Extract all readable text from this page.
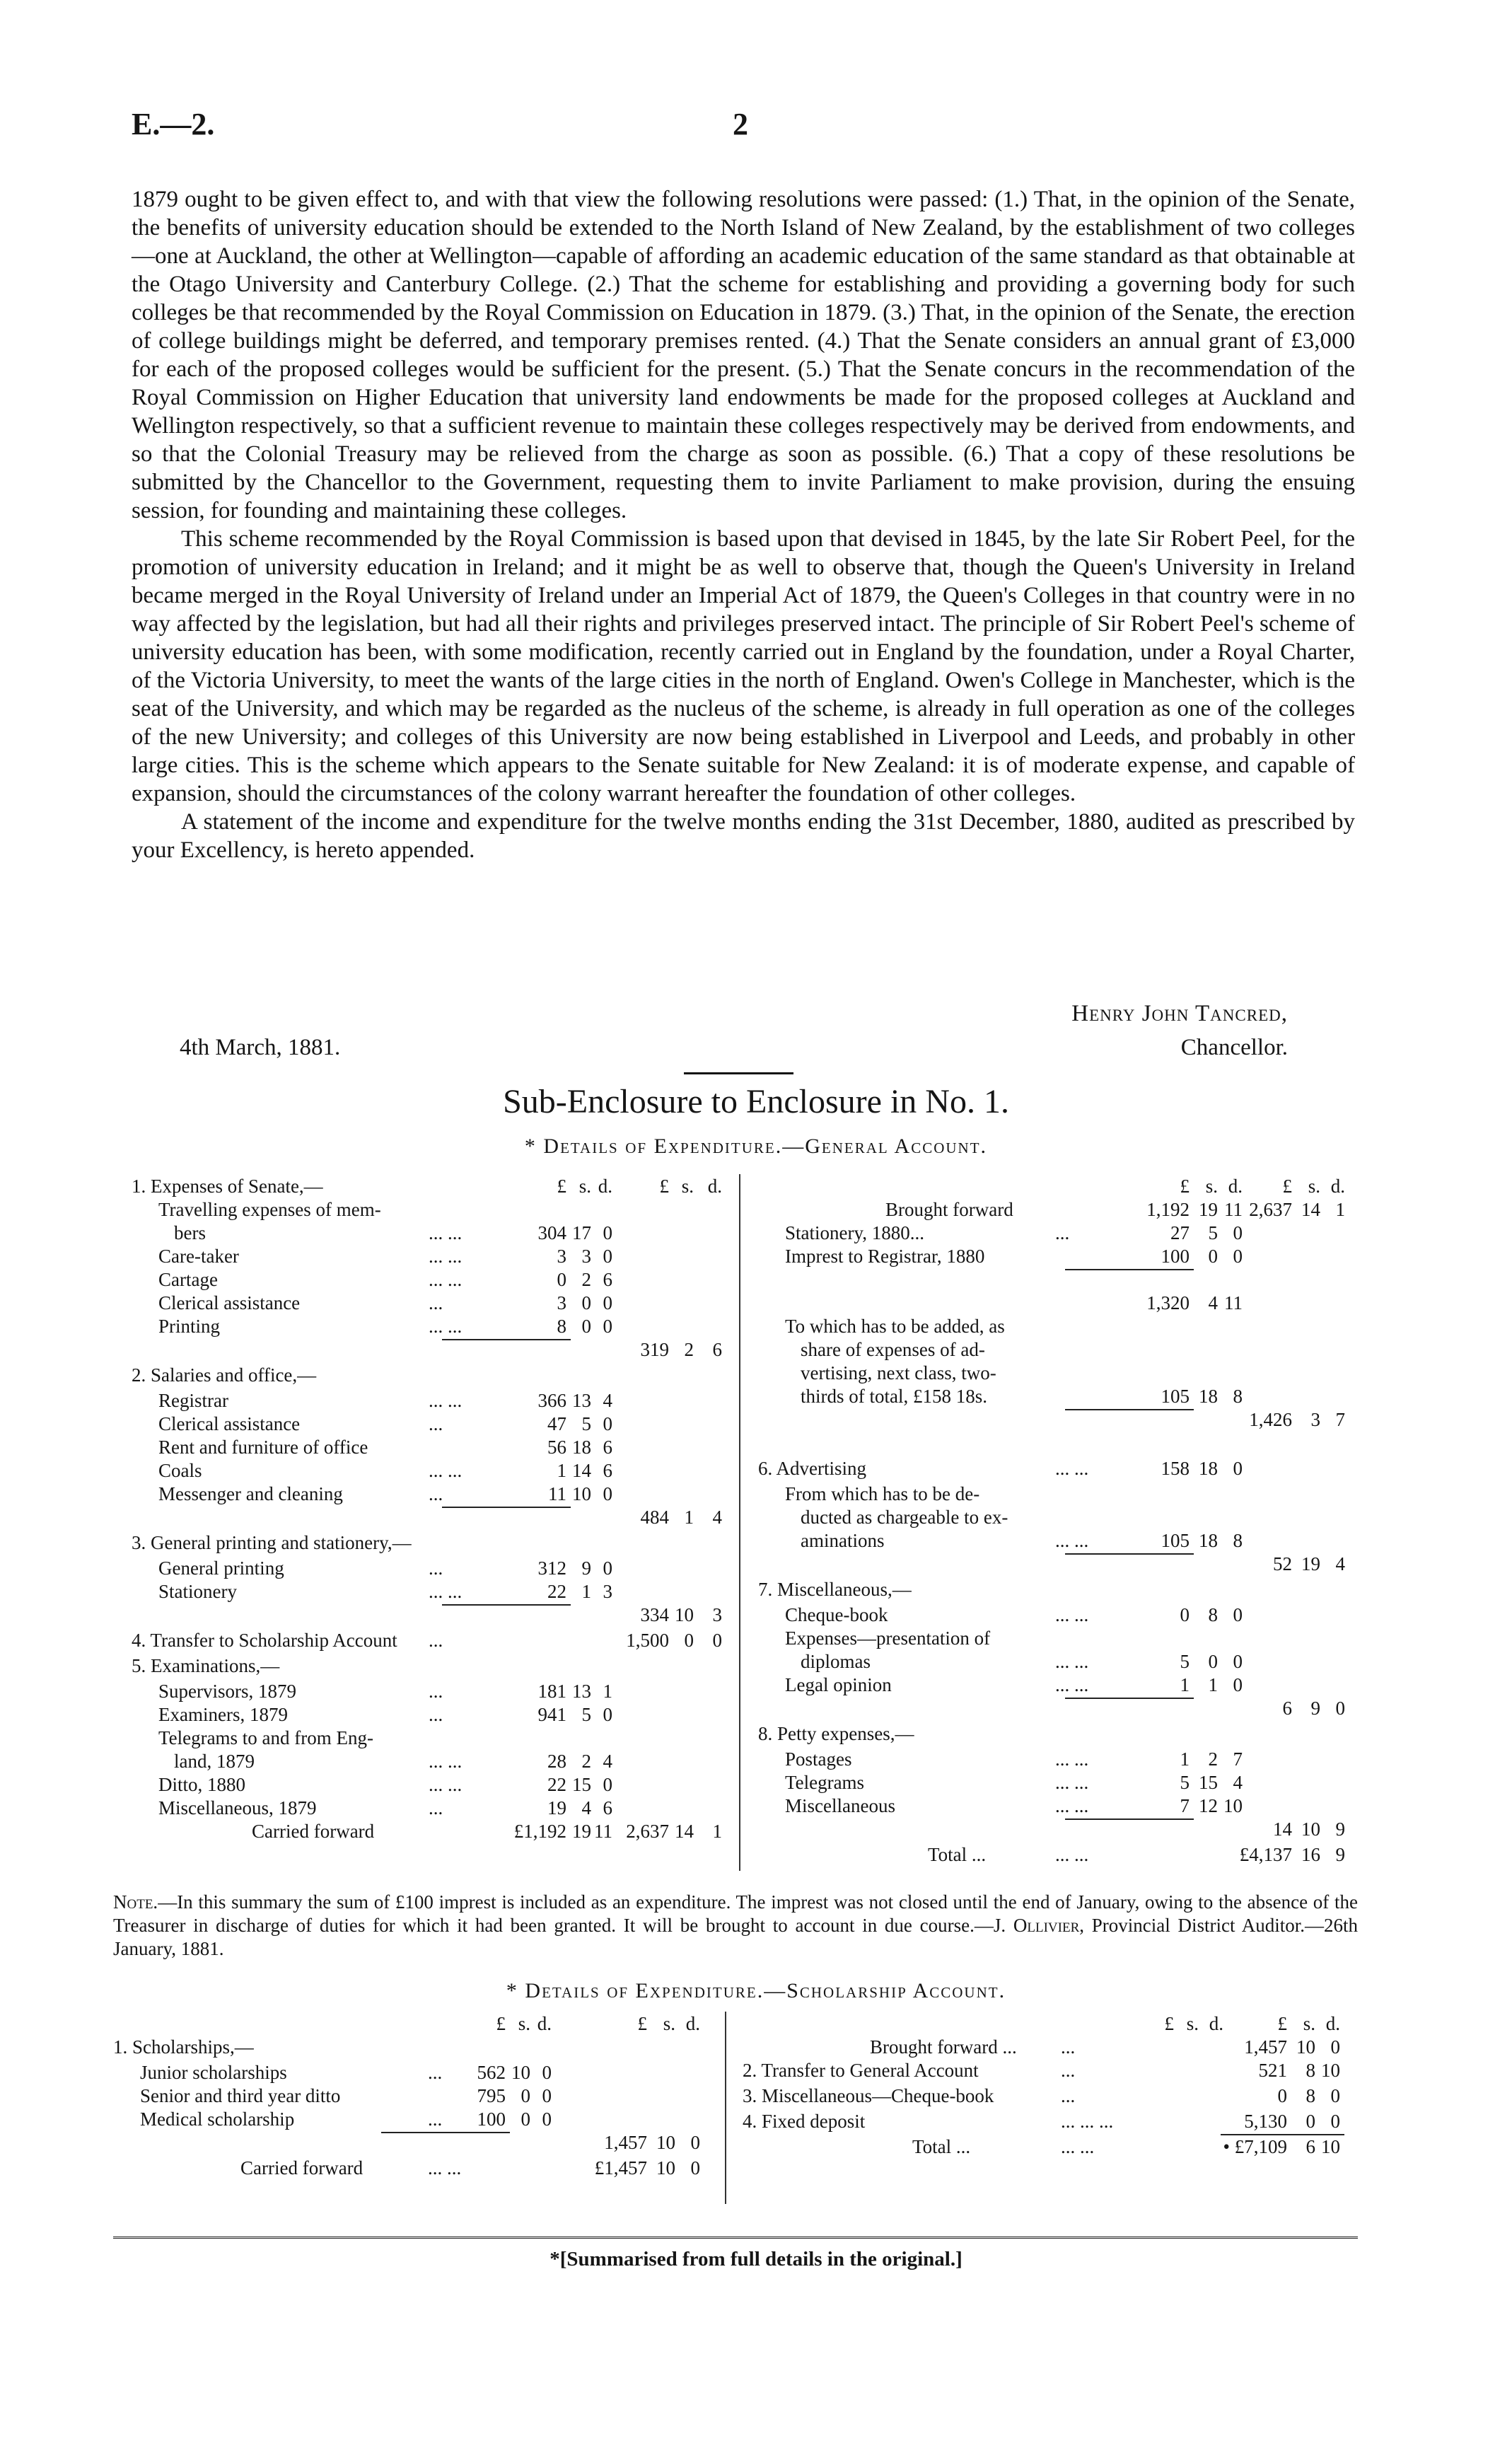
E.—2.	2

1879 ought to be given effect to, and with that view the following resolutions were passed: (1.) That, in the opinion of the Senate, the benefits of university education should be extended to the North Island of New Zealand, by the establishment of two colleges—one at Auckland, the other at Wellington—capable of affording an academic education of the same standard as that obtainable at the Otago University and Canterbury College. (2.) That the scheme for establishing and providing a governing body for such colleges be that recommended by the Royal Commission on Education in 1879. (3.) That, in the opinion of the Senate, the erection of college buildings might be deferred, and temporary premises rented. (4.) That the Senate considers an annual grant of £3,000 for each of the proposed colleges would be sufficient for the present. (5.) That the Senate concurs in the recommendation of the Royal Commission on Higher Education that university land endowments be made for the proposed colleges at Auckland and Wellington respectively, so that a sufficient revenue to maintain these colleges respectively may be derived from endowments, and so that the Colonial Treasury may be relieved from the charge as soon as possible. (6.) That a copy of these resolutions be submitted by the Chancellor to the Government, requesting them to invite Parliament to make provision, during the ensuing session, for founding and maintaining these colleges.

This scheme recommended by the Royal Commission is based upon that devised in 1845, by the late Sir Robert Peel, for the promotion of university education in Ireland; and it might be as well to observe that, though the Queen's University in Ireland became merged in the Royal University of Ireland under an Imperial Act of 1879, the Queen's Colleges in that country were in no way affected by the legislation, but had all their rights and privileges preserved intact. The principle of Sir Robert Peel's scheme of university education has been, with some modification, recently carried out in England by the foundation, under a Royal Charter, of the Victoria University, to meet the wants of the large cities in the north of England. Owen's College in Manchester, which is the seat of the University, and which may be regarded as the nucleus of the scheme, is already in full operation as one of the colleges of the new University; and colleges of this University are now being established in Liverpool and Leeds, and probably in other large cities. This is the scheme which appears to the Senate suitable for New Zealand: it is of moderate expense, and capable of expansion, should the circumstances of the colony warrant hereafter the foundation of other colleges.

A statement of the income and expenditure for the twelve months ending the 31st December, 1880, audited as prescribed by your Excellency, is hereto appended.

Henry John Tancred,
4th March, 1881.	Chancellor.
Sub-Enclosure to Enclosure in No. 1.
* Details of Expenditure.—General Account.
£ s. d.	£ s. d.
1. Expenses of Senate,—
Travelling expenses of mem-
bers	... ...	304 17 0
Care-taker	... ...	3 3 0
Cartage	... ...	0 2 6
Clerical assistance	...	3 0 0
Printing	... ...	8 0 0
319 2 6
2. Salaries and office,—
Registrar	... ...	366 13 4
Clerical assistance	...	47 5 0
Rent and furniture of office	56 18 6
Coals	... ...	1 14 6
Messenger and cleaning	...	11 10 0
484 1 4
3. General printing and stationery,—
General printing	...	312 9 0
Stationery	... ...	22 1 3
334 10 3
4. Transfer to Scholarship Account ...	1,500 0 0
5. Examinations,—
Supervisors, 1879	...	181 13 1
Examiners, 1879	...	941 5 0
Telegrams to and from Eng-
land, 1879	... ...	28 2 4
Ditto, 1880	... ...	22 15 0
Miscellaneous, 1879	...	19 4 6
Carried forward	£1,192 19 11 2,637 14 1
£ s. d.	£ s. d.
Brought forward	1,192 19 11 2,637 14 1
Stationery, 1880...	...	27 5 0
Imprest to Registrar, 1880	100 0 0
1,320 4 11
To which has to be added, as
share of expenses of ad-
vertising, next class, two-
thirds of total, £158 18s.	105 18 8
1,426 3 7
6. Advertising	... ...	158 18 0
From which has to be de-
ducted as chargeable to ex-
aminations	... ...	105 18 8
52 19 4
7. Miscellaneous,—
Cheque-book	... ...	0 8 0
Expenses—presentation of
diplomas	... ...	5 0 0
Legal opinion	... ...	1 1 0
6 9 0
8. Petty expenses,—
Postages	... ...	1 2 7
Telegrams	... ...	5 15 4
Miscellaneous	... ...	7 12 10
14 10 9
Total ...	... ...	£4,137 16 9
Note.—In this summary the sum of £100 imprest is included as an expenditure. The imprest was not closed until the end of January, owing to the absence of the Treasurer in discharge of duties for which it had been granted. It will be brought to account in due course.—J. Ollivier, Provincial District Auditor.—26th January, 1881.
* Details of Expenditure.—Scholarship Account.
£ s. d.	£ s. d.
1. Scholarships,—
Junior scholarships	...	562 10 0
Senior and third year ditto	795 0 0
Medical scholarship	...	100 0 0
1,457 10 0
Carried forward	... ...	£1,457 10 0
£ s. d.	£ s. d.
Brought forward ... ...	1,457 10 0
2. Transfer to General Account	...	521 8 10
3. Miscellaneous—Cheque-book	...	0 8 0
4. Fixed deposit	... ... ...	5,130 0 0
Total ...	... ...	• £7,109 6 10
*[Summarised from full details in the original.]
